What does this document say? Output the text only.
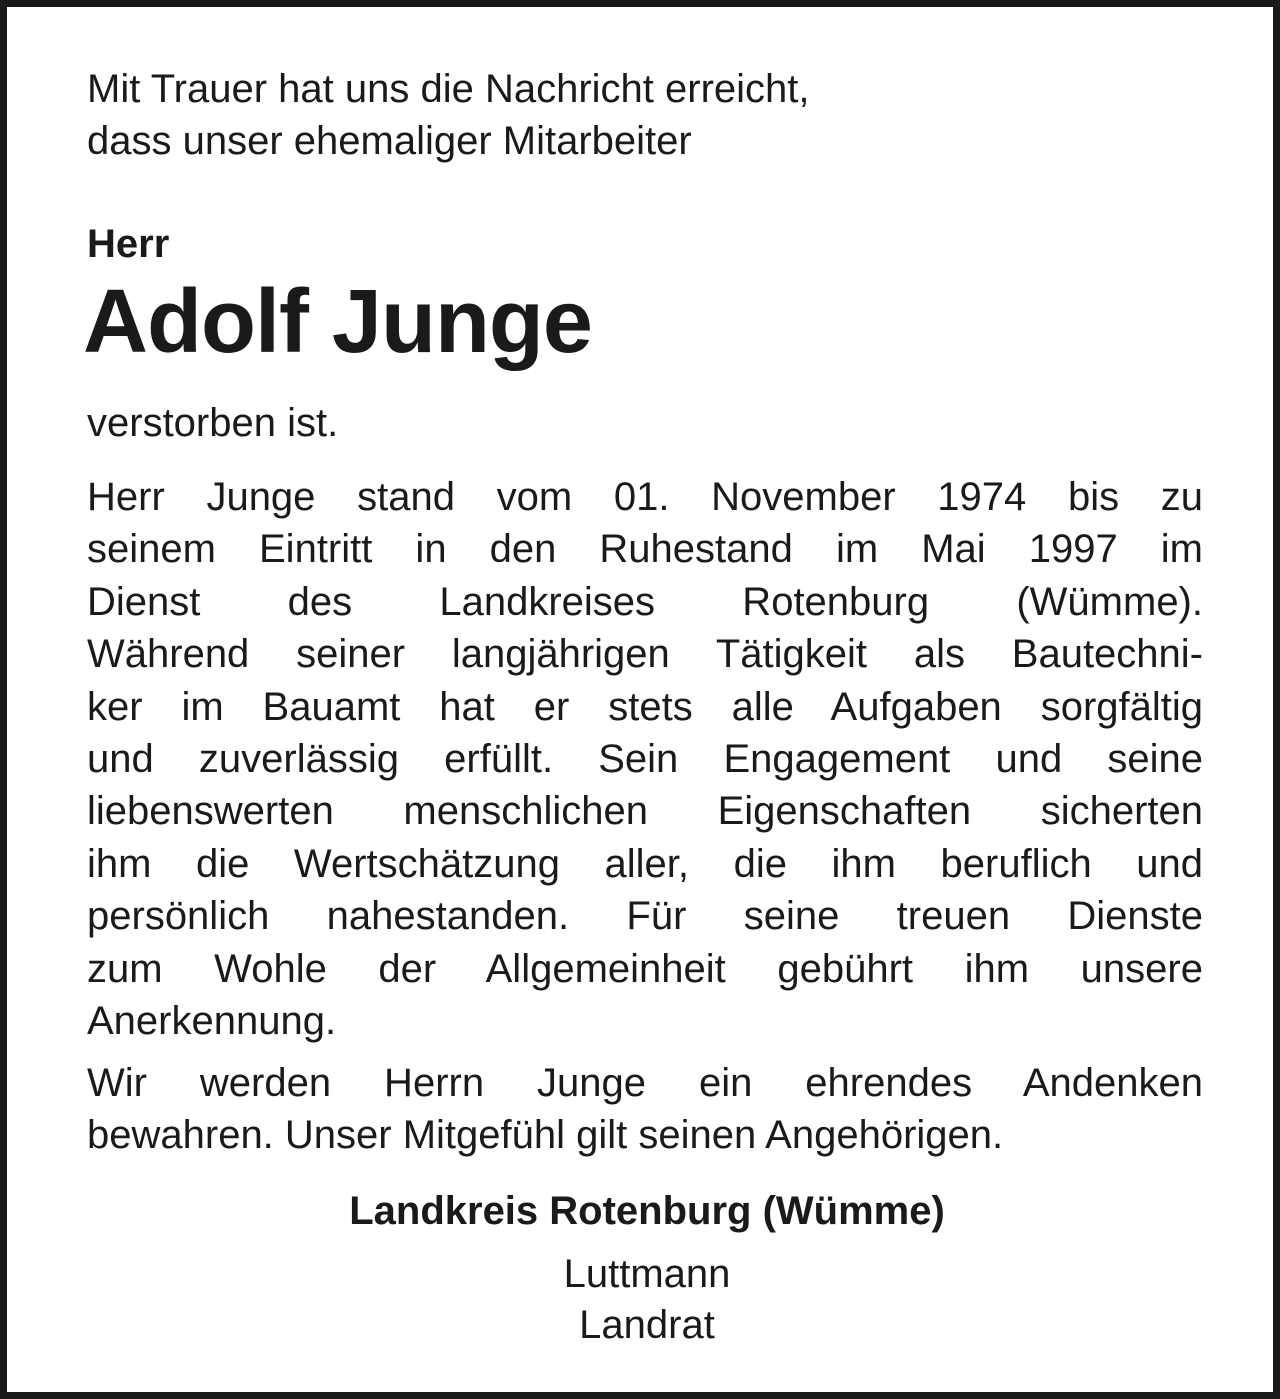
Mit Trauer hat uns die Nachricht erreicht,
dass unser ehemaliger Mitarbeiter
Herr
Adolf Junge
verstorben ist.
Herr Junge stand vom 01. November 1974 bis zu
seinem Eintritt in den Ruhestand im Mai 1997 im
Dienst des Landkreises Rotenburg (Wümme).
Während seiner langjährigen Tätigkeit als Bautechni-
ker im Bauamt hat er stets alle Aufgaben sorgfältig
und zuverlässig erfüllt. Sein Engagement und seine
liebenswerten menschlichen Eigenschaften sicherten
ihm die Wertschätzung aller, die ihm beruflich und
persönlich nahestanden. Für seine treuen Dienste
zum Wohle der Allgemeinheit gebührt ihm unsere
Anerkennung.
Wir werden Herrn Junge ein ehrendes Andenken
bewahren. Unser Mitgefühl gilt seinen Angehörigen.
Landkreis Rotenburg (Wümme)
Luttmann
Landrat
